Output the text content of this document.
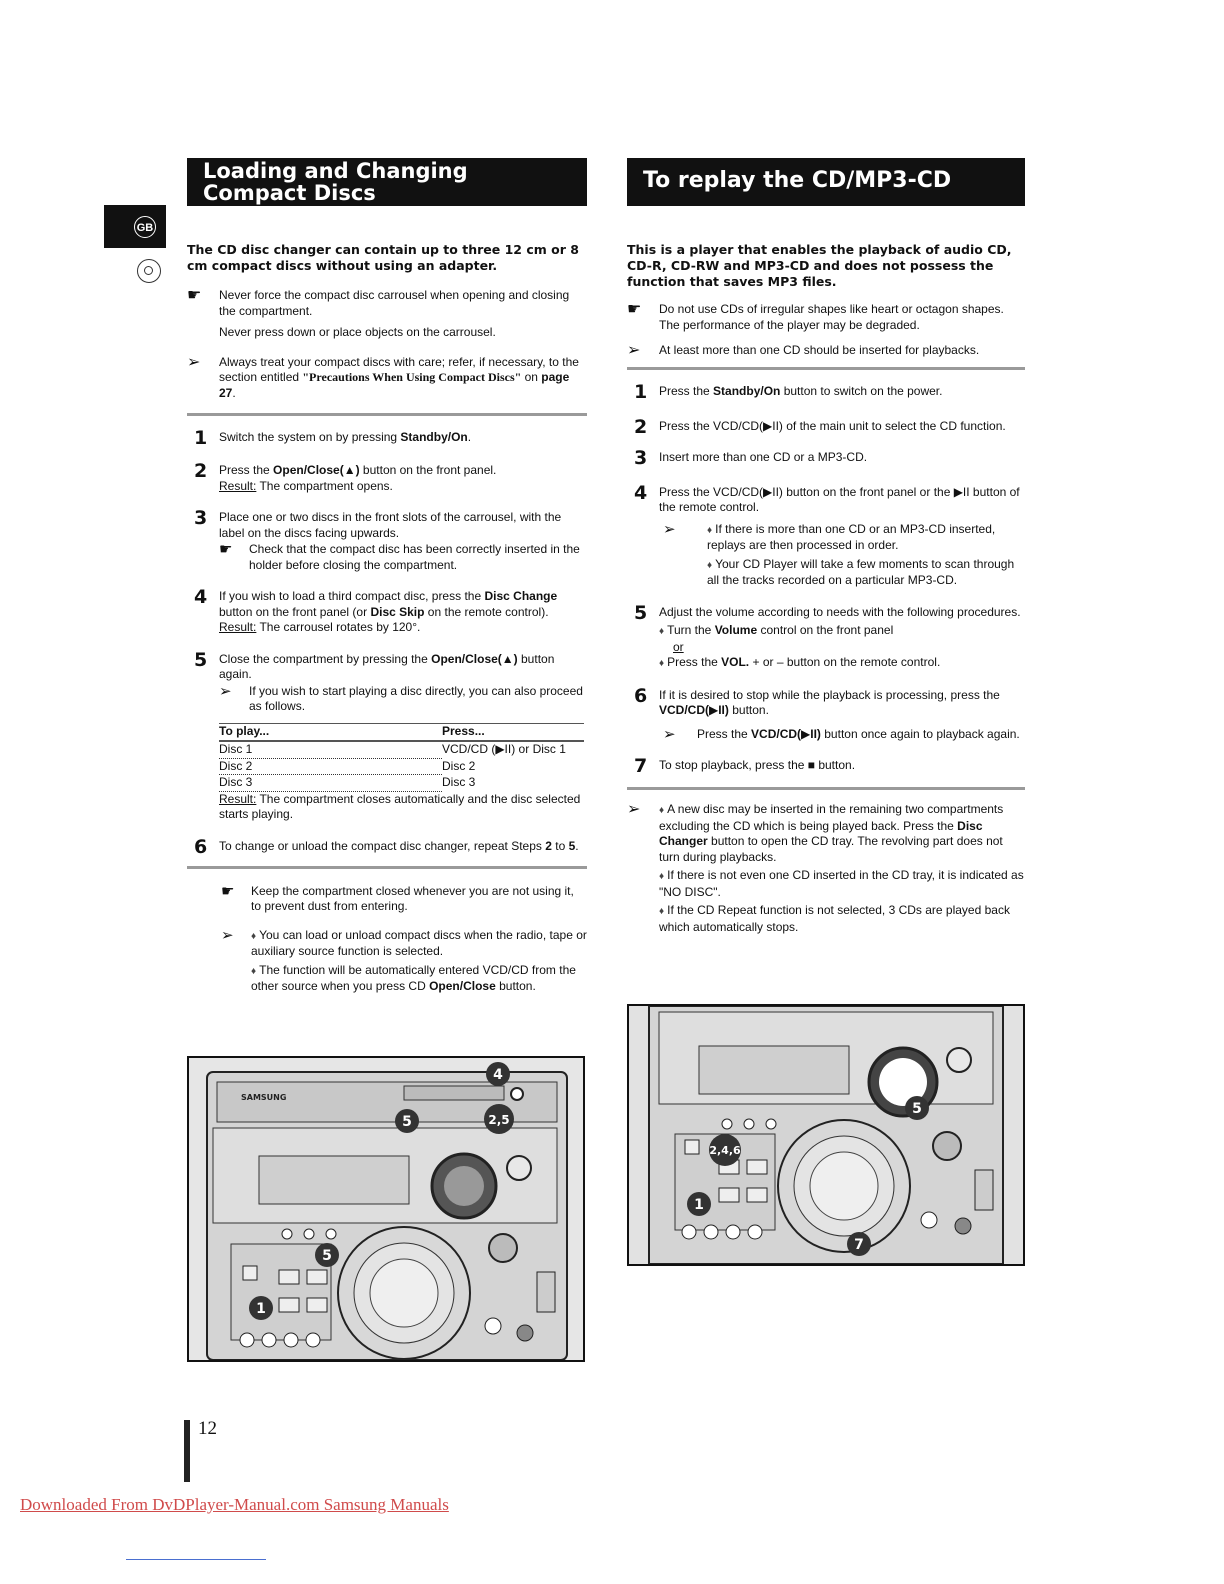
GB
Loading and Changing Compact Discs
The CD disc changer can contain up to three 12 cm or 8 cm compact discs without using an adapter.
☛	Never force the compact disc carrousel when opening and closing the compartment.
Never press down or place objects on the carrousel.
➢	Always treat your compact discs with care; refer, if necessary, to the section entitled "Precautions When Using Compact Discs" on page 27.
1 Switch the system on by pressing Standby/On.
2 Press the Open/Close(▲) button on the front panel.
Result: The compartment opens.
3 Place one or two discs in the front slots of the carrousel, with the label on the discs facing upwards.
☛	Check that the compact disc has been correctly inserted in the holder before closing the compartment.
4 If you wish to load a third compact disc, press the Disc Change button on the front panel (or Disc Skip on the remote control).
Result: The carrousel rotates by 120°.
5 Close the compartment by pressing the Open/Close(▲) button again.
➢	If you wish to start playing a disc directly, you can also proceed as follows.
To play...	Press...
Disc 1	VCD/CD (▶II) or Disc 1
Disc 2	Disc 2
Disc 3	Disc 3
Result: The compartment closes automatically and the disc selected starts playing.
6 To change or unload the compact disc changer, repeat Steps 2 to 5.
☛	Keep the compartment closed whenever you are not using it, to prevent dust from entering.
➢	♦ You can load or unload compact discs when the radio, tape or auxiliary source function is selected.
♦ The function will be automatically entered VCD/CD from the other source when you press CD Open/Close button.
SAMSUNG
4
5	2,5
5
1
To replay the CD/MP3-CD
This is a player that enables the playback of audio CD, CD-R, CD-RW and MP3-CD and does not possess the function that saves MP3 files.
☛	Do not use CDs of irregular shapes like heart or octagon shapes. The performance of the player may be degraded.
➢	At least more than one CD should be inserted for playbacks.
1 Press the Standby/On button to switch on the power.
2 Press the VCD/CD(▶II) of the main unit to select the CD function.
3 Insert more than one CD or a MP3-CD.
4 Press the VCD/CD(▶II) button on the front panel or the ▶II button of the remote control.
➢	♦ If there is more than one CD or an MP3-CD inserted, replays are then processed in order.
♦ Your CD Player will take a few moments to scan through all the tracks recorded on a particular MP3-CD.
5 Adjust the volume according to needs with the following procedures.
♦ Turn the Volume control on the front panel
or
♦ Press the VOL. + or – button on the remote control.
6 If it is desired to stop while the playback is processing, press the
VCD/CD(▶II) button.
➢	Press the VCD/CD(▶II) button once again to playback again.
7 To stop playback, press the ■ button.
➢	♦ A new disc may be inserted in the remaining two compartments excluding the CD which is being played back. Press the Disc Changer button to open the CD tray. The revolving part does not turn during playbacks.
♦ If there is not even one CD inserted in the CD tray, it is indicated as "NO DISC".
♦ If the CD Repeat function is not selected, 3 CDs are played back which automatically stops.
5
2,4,6
1
7
12
Downloaded From DvDPlayer-Manual.com Samsung Manuals
